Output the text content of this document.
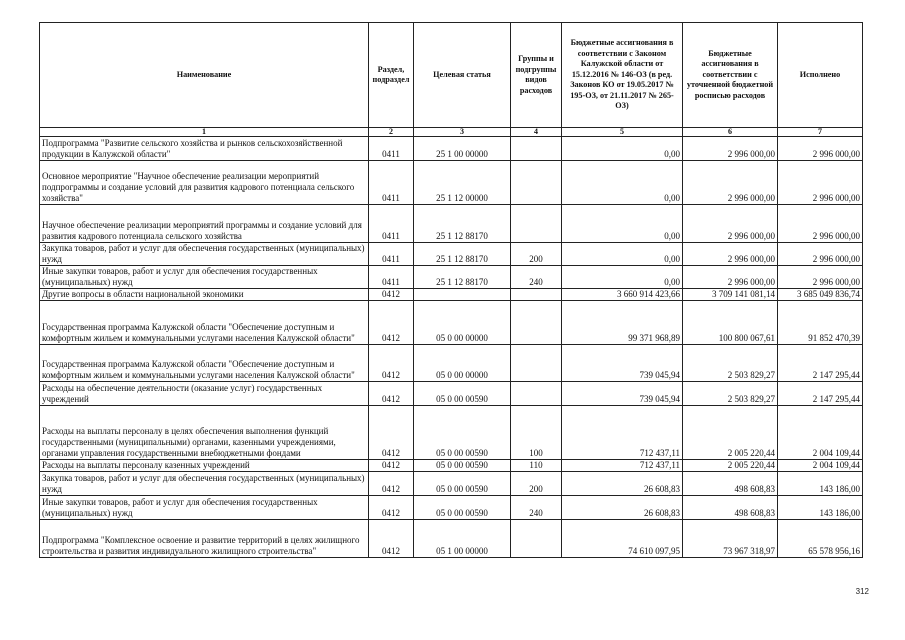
Наименование	Раздел, подраздел	Целевая статья	Группы и подгруппы видов расходов	Бюджетные ассигнования в соответствии с Законом Калужской области от 15.12.2016 № 146-ОЗ (в ред. Законов КО от 19.05.2017 № 195-ОЗ, от 21.11.2017 № 265-ОЗ)	Бюджетные ассигнования в соответствии с уточненной бюджетной росписью расходов	Исполнено
1	2	3	4	5	6	7
Подпрограмма "Развитие сельского хозяйства и рынков сельскохозяйственной продукции в Калужской области"	0411	25 1 00 00000		0,00	2 996 000,00	2 996 000,00
Основное мероприятие "Научное обеспечение реализации мероприятий подпрограммы и создание условий для развития кадрового потенциала сельского хозяйства"	0411	25 1 12 00000		0,00	2 996 000,00	2 996 000,00
Научное обеспечение реализации мероприятий программы и создание условий для развития кадрового потенциала сельского хозяйства	0411	25 1 12 88170		0,00	2 996 000,00	2 996 000,00
Закупка товаров, работ и услуг для обеспечения государственных (муниципальных) нужд	0411	25 1 12 88170	200	0,00	2 996 000,00	2 996 000,00
Иные закупки товаров, работ и услуг для обеспечения государственных (муниципальных) нужд	0411	25 1 12 88170	240	0,00	2 996 000,00	2 996 000,00
Другие вопросы в области национальной экономики	0412			3 660 914 423,66	3 709 141 081,14	3 685 049 836,74
Государственная программа Калужской области "Обеспечение доступным и комфортным жильем и коммунальными услугами населения Калужской области"	0412	05 0 00 00000		99 371 968,89	100 800 067,61	91 852 470,39
Государственная программа Калужской области "Обеспечение доступным и комфортным жильем и коммунальными услугами населения Калужской области"	0412	05 0 00 00000		739 045,94	2 503 829,27	2 147 295,44
Расходы на обеспечение деятельности (оказание услуг) государственных учреждений	0412	05 0 00 00590		739 045,94	2 503 829,27	2 147 295,44
Расходы на выплаты персоналу в целях обеспечения выполнения функций государственными (муниципальными) органами, казенными учреждениями, органами управления государственными внебюджетными фондами	0412	05 0 00 00590	100	712 437,11	2 005 220,44	2 004 109,44
Расходы на выплаты персоналу казенных учреждений	0412	05 0 00 00590	110	712 437,11	2 005 220,44	2 004 109,44
Закупка товаров, работ и услуг для обеспечения государственных (муниципальных) нужд	0412	05 0 00 00590	200	26 608,83	498 608,83	143 186,00
Иные закупки товаров, работ и услуг для обеспечения государственных (муниципальных) нужд	0412	05 0 00 00590	240	26 608,83	498 608,83	143 186,00
Подпрограмма "Комплексное освоение и развитие территорий в целях жилищного строительства и развития индивидуального жилищного строительства"	0412	05 1 00 00000		74 610 097,95	73 967 318,97	65 578 956,16
312
